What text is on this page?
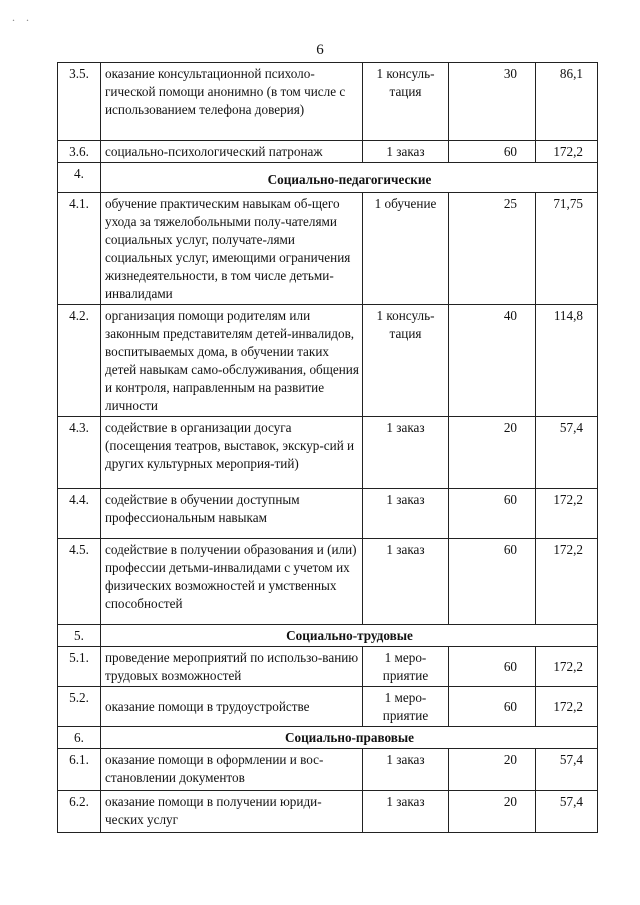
. .
6
3.5.	оказание консультационной психоло-гической помощи анонимно (в том числе с использованием телефона доверия)	1 консуль-тация	30	86,1
3.6.	социально-психологический патронаж	1 заказ	60	172,2
4.	Социально-педагогические			
4.1.	обучение практическим навыкам об-щего ухода за тяжелобольными полу-чателями социальных услуг, получате-лями социальных услуг, имеющими ограничения жизнедеятельности, в том числе детьми-инвалидами	1 обучение	25	71,75
4.2.	организация помощи родителям или законным представителям детей-инвалидов, воспитываемых дома, в обучении таких детей навыкам само-обслуживания, общения и контроля, направленным на развитие личности	1 консуль-тация	40	114,8
4.3.	содействие в организации досуга (посещения театров, выставок, экскур-сий и других культурных мероприя-тий)	1 заказ	20	57,4
4.4.	содействие в обучении доступным профессиональным навыкам	1 заказ	60	172,2
4.5.	содействие в получении образования и (или) профессии детьми-инвалидами с учетом их физических возможностей и умственных способностей	1 заказ	60	172,2
5.	Социально-трудовые			
5.1.	проведение мероприятий по использо-ванию трудовых возможностей	1 меро-приятие	60	172,2
5.2.	оказание помощи в трудоустройстве	1 меро-приятие	60	172,2
6.	Социально-правовые			
6.1.	оказание помощи в оформлении и вос-становлении документов	1 заказ	20	57,4
6.2.	оказание помощи в получении юриди-ческих услуг	1 заказ	20	57,4
